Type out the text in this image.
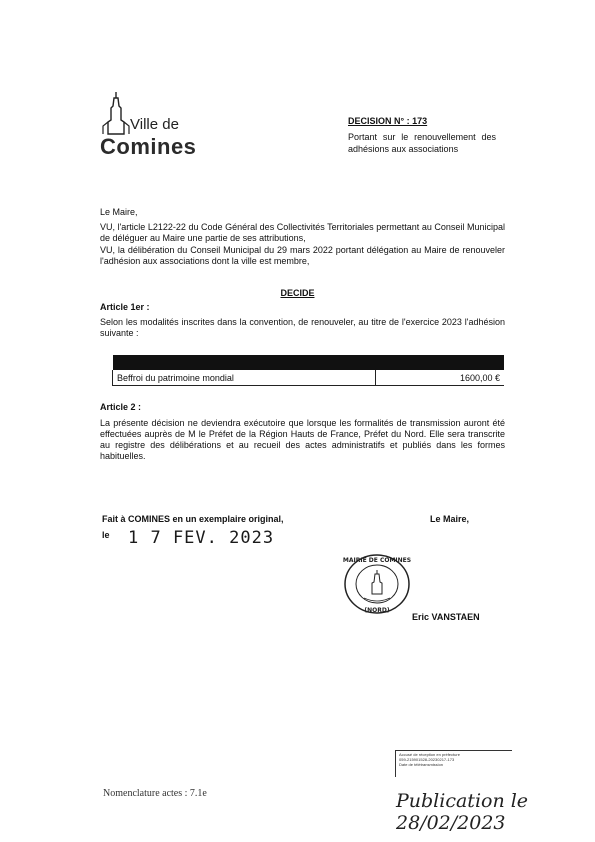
Ville de
Comines
DECISION N° : 173
Portant sur le renouvellement des adhésions aux associations
Le Maire,
VU, l'article L2122-22 du Code Général des Collectivités Territoriales permettant au Conseil Municipal de déléguer au Maire une partie de ses attributions,
VU, la délibération du Conseil Municipal du 29 mars 2022 portant délégation au Maire de renouveler l'adhésion aux associations dont la ville est membre,
DECIDE
Article 1er :
Selon les modalités inscrites dans la convention, de renouveler, au titre de l'exercice 2023 l'adhésion suivante :

Beffroi du patrimoine mondial	1600,00 €
Article 2 :
La présente décision ne deviendra exécutoire que lorsque les formalités de transmission auront été effectuées auprès de M le Préfet de la Région Hauts de France, Préfet du Nord. Elle sera transcrite au registre des délibérations et au recueil des actes administratifs et publiés dans les formes habituelles.
Fait à COMINES en un exemplaire original,
le 1 7 FEV. 2023
Le Maire,
MAIRIE DE COMINES
(NORD)
Eric VANSTAEN
Accusé de réception en préfecture
059-215901528-20230217-173
Date de télétransmission
Nomenclature actes : 7.1e	Publication le 28/02/2023
